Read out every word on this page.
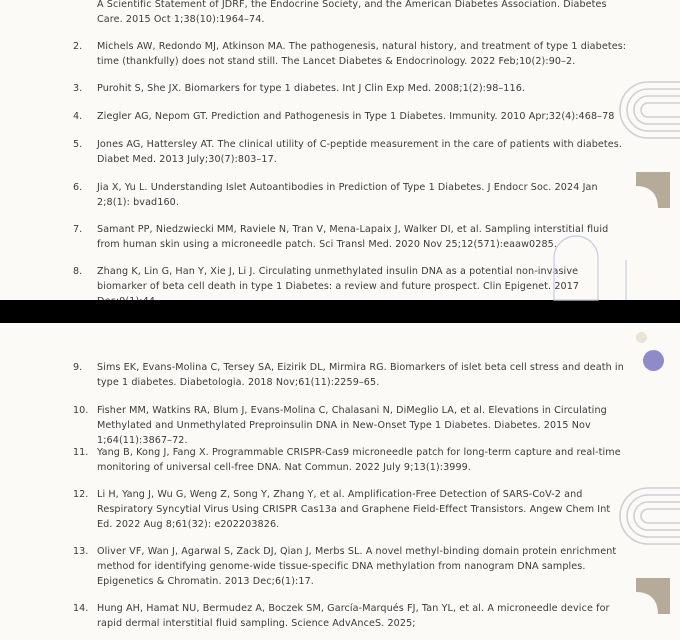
A Scientific Statement of JDRF, the Endocrine Society, and the American Diabetes Association. Diabetes Care. 2015 Oct 1;38(10):1964–74.
2. Michels AW, Redondo MJ, Atkinson MA. The pathogenesis, natural history, and treatment of type 1 diabetes: time (thankfully) does not stand still. The Lancet Diabetes & Endocrinology. 2022 Feb;10(2):90–2.
3. Purohit S, She JX. Biomarkers for type 1 diabetes. Int J Clin Exp Med. 2008;1(2):98–116.
4. Ziegler AG, Nepom GT. Prediction and Pathogenesis in Type 1 Diabetes. Immunity. 2010 Apr;32(4):468–78
5. Jones AG, Hattersley AT. The clinical utility of C-peptide measurement in the care of patients with diabetes. Diabet Med. 2013 July;30(7):803–17.
6. Jia X, Yu L. Understanding Islet Autoantibodies in Prediction of Type 1 Diabetes. J Endocr Soc. 2024 Jan 2;8(1): bvad160.
7. Samant PP, Niedzwiecki MM, Raviele N, Tran V, Mena-Lapaix J, Walker DI, et al. Sampling interstitial fluid from human skin using a microneedle patch. Sci Transl Med. 2020 Nov 25;12(571):eaaw0285.
8. Zhang K, Lin G, Han Y, Xie J, Li J. Circulating unmethylated insulin DNA as a potential non-invasive biomarker of beta cell death in type 1 Diabetes: a review and future prospect. Clin Epigenet. 2017
9. Sims EK, Evans-Molina C, Tersey SA, Eizirik DL, Mirmira RG. Biomarkers of islet beta cell stress and death in type 1 diabetes. Diabetologia. 2018 Nov;61(11):2259–65.
10. Fisher MM, Watkins RA, Blum J, Evans-Molina C, Chalasani N, DiMeglio LA, et al. Elevations in Circulating Methylated and Unmethylated Preproinsulin DNA in New-Onset Type 1 Diabetes. Diabetes. 2015 Nov 1;64(11):3867–72.
11. Yang B, Kong J, Fang X. Programmable CRISPR-Cas9 microneedle patch for long-term capture and real-time monitoring of universal cell-free DNA. Nat Commun. 2022 July 9;13(1):3999.
12. Li H, Yang J, Wu G, Weng Z, Song Y, Zhang Y, et al. Amplification-Free Detection of SARS-CoV-2 and Respiratory Syncytial Virus Using CRISPR Cas13a and Graphene Field-Effect Transistors. Angew Chem Int Ed. 2022 Aug 8;61(32): e202203826.
13. Oliver VF, Wan J, Agarwal S, Zack DJ, Qian J, Merbs SL. A novel methyl-binding domain protein enrichment method for identifying genome-wide tissue-specific DNA methylation from nanogram DNA samples. Epigenetics & Chromatin. 2013 Dec;6(1):17.
14. Hung AH, Hamat NU, Bermudez A, Boczek SM, García-Marqués FJ, Tan YL, et al. A microneedle device for rapid dermal interstitial fluid sampling. Science AdvAnceS. 2025;
